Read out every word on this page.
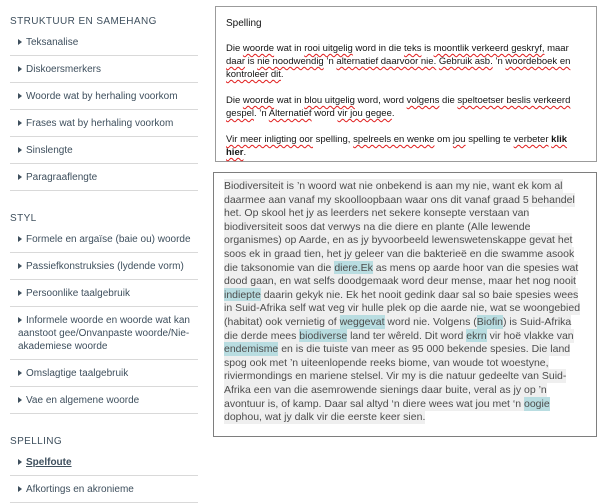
STRUKTUUR EN SAMEHANG
Teksanalise
Diskoersmerkers
Woorde wat by herhaling voorkom
Frases wat by herhaling voorkom
Sinslengte
Paragraaflengte
STYL
Formele en argaïse (baie ou) woorde
Passiefkonstruksies (lydende vorm)
Persoonlike taalgebruik
Informele woorde en woorde wat kan aanstoot gee/Onvanpaste woorde/Nie-akademiese woorde
Omslagtige taalgebruik
Vae en algemene woorde
SPELLING
Spelfoute
Afkortings en akronieme
Spelling

Die woorde wat in rooi uitgelig word in die teks is moontlik verkeerd geskryf, maar daar is nie noodwendig ’n alternatief daarvoor nie. Gebruik asb. ’n woordeboek en kontroleer dit.

Die woorde wat in blou uitgelig word, word volgens die speltoetser beslis verkeerd gespel. ’n Alternatief word vir jou gegee.

Vir meer inligting oor spelling, spelreels en wenke om jou spelling te verbeter klik hier.

Biodiversiteit is ’n woord wat nie onbekend is aan my nie, want ek kom al daarmee aan vanaf my skoolloopbaan waar ons dit vanaf graad 5 behandel het. Op skool het jy as leerders net sekere konsepte verstaan van biodiversiteit soos dat verwys na die diere en plante (Alle lewende organismes) op Aarde, en as jy byvoorbeeld lewenswetenskappe gevat het soos ek in graad tien, het jy geleer van die bakterieë en die swamme asook die taksonomie van die diere.Ek as mens op aarde hoor van die spesies wat dood gaan, en wat selfs doodgemaak word deur mense, maar het nog nooit indiepte daarin gekyk nie. Ek het nooit gedink daar sal so baie spesies wees in Suid-Afrika self wat veg vir hulle plek op die aarde nie, wat se woongebied (habitat) ook vernietig of weggevat word nie. Volgens (Biofin) is Suid-Afrika die derde mees biodiverse land ter wêreld. Dit word ekrn vir hoë vlakke van endemisme en is die tuiste van meer as 95 000 bekende spesies. Die land spog ook met ’n uiteenlopende reeks biome, van woude tot woestyne, riviermondings en mariene stelsel. Vir my is die natuur gedeelte van Suid-Afrika een van die asemrowende sienings daar buite, veral as jy op ’n avontuur is, of kamp. Daar sal altyd ‘n diere wees wat jou met ‘n oogie dophou, wat jy dalk vir die eerste keer sien.
